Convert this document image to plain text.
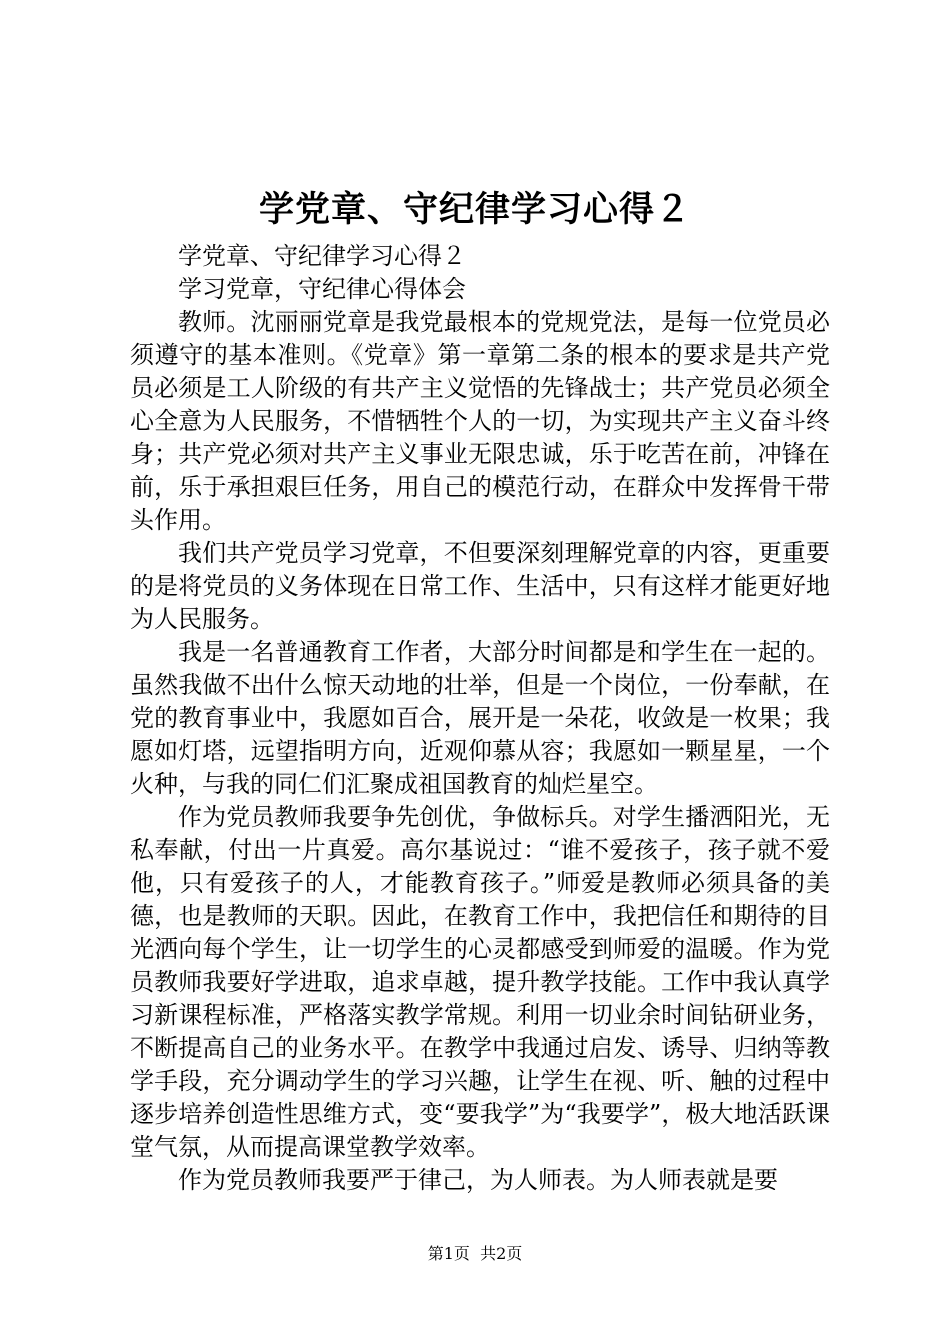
学党章、守纪律学习心得２

学党章、守纪律学习心得２

学习党章，守纪律心得体会

教师。沈丽丽党章是我党最根本的党规党法，是每一位党员必须遵守的基本准则。《党章》第一章第二条的根本的要求是共产党员必须是工人阶级的有共产主义觉悟的先锋战士；共产党员必须全心全意为人民服务，不惜牺牲个人的一切，为实现共产主义奋斗终身；共产党必须对共产主义事业无限忠诚，乐于吃苦在前，冲锋在前，乐于承担艰巨任务，用自己的模范行动，在群众中发挥骨干带头作用。

我们共产党员学习党章，不但要深刻理解党章的内容，更重要的是将党员的义务体现在日常工作、生活中，只有这样才能更好地为人民服务。

我是一名普通教育工作者，大部分时间都是和学生在一起的。虽然我做不出什么惊天动地的壮举，但是一个岗位，一份奉献，在党的教育事业中，我愿如百合，展开是一朵花，收敛是一枚果；我愿如灯塔，远望指明方向，近观仰慕从容；我愿如一颗星星，一个火种，与我的同仁们汇聚成祖国教育的灿烂星空。

作为党员教师我要争先创优，争做标兵。对学生播洒阳光，无私奉献，付出一片真爱。高尔基说过：“谁不爱孩子，孩子就不爱他，只有爱孩子的人，才能教育孩子。”师爱是教师必须具备的美德，也是教师的天职。因此，在教育工作中，我把信任和期待的目光洒向每个学生，让一切学生的心灵都感受到师爱的温暖。作为党员教师我要好学进取，追求卓越，提升教学技能。工作中我认真学习新课程标准，严格落实教学常规。利用一切业余时间钻研业务，不断提高自己的业务水平。在教学中我通过启发、诱导、归纳等教学手段，充分调动学生的学习兴趣，让学生在视、听、触的过程中逐步培养创造性思维方式，变“要我学”为“我要学”，极大地活跃课堂气氛，从而提高课堂教学效率。

作为党员教师我要严于律己，为人师表。为人师表就是要

第1页 共2页
